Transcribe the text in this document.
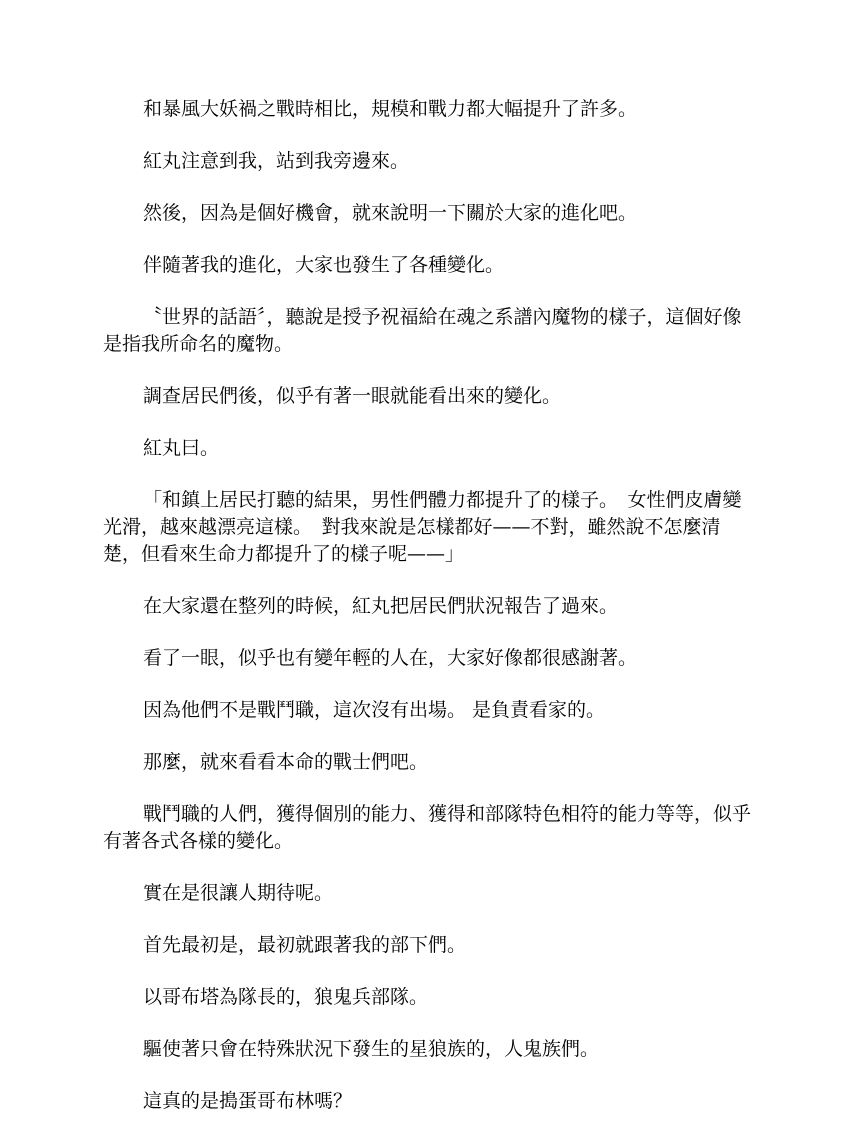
和暴風大妖禍之戰時相比，規模和戰力都大幅提升了許多。

紅丸注意到我，站到我旁邊來。

然後，因為是個好機會，就來說明一下關於大家的進化吧。

伴隨著我的進化，大家也發生了各種變化。

〝世界的話語〞，聽說是授予祝福給在魂之系譜內魔物的樣子，這個好像是指我所命名的魔物。

調查居民們後，似乎有著一眼就能看出來的變化。

紅丸曰。

「和鎮上居民打聽的結果，男性們體力都提升了的樣子。　女性們皮膚變光滑，越來越漂亮這樣。　對我來說是怎樣都好——不對，雖然說不怎麼清楚，但看來生命力都提升了的樣子呢——」

在大家還在整列的時候，紅丸把居民們狀況報告了過來。

看了一眼，似乎也有變年輕的人在，大家好像都很感謝著。

因為他們不是戰鬥職，這次沒有出場。 是負責看家的。

那麼，就來看看本命的戰士們吧。

戰鬥職的人們，獲得個別的能力、獲得和部隊特色相符的能力等等，似乎有著各式各樣的變化。

實在是很讓人期待呢。

首先最初是，最初就跟著我的部下們。

以哥布塔為隊長的，狼鬼兵部隊。

驅使著只會在特殊狀況下發生的星狼族的，人鬼族們。

這真的是搗蛋哥布林嗎？
